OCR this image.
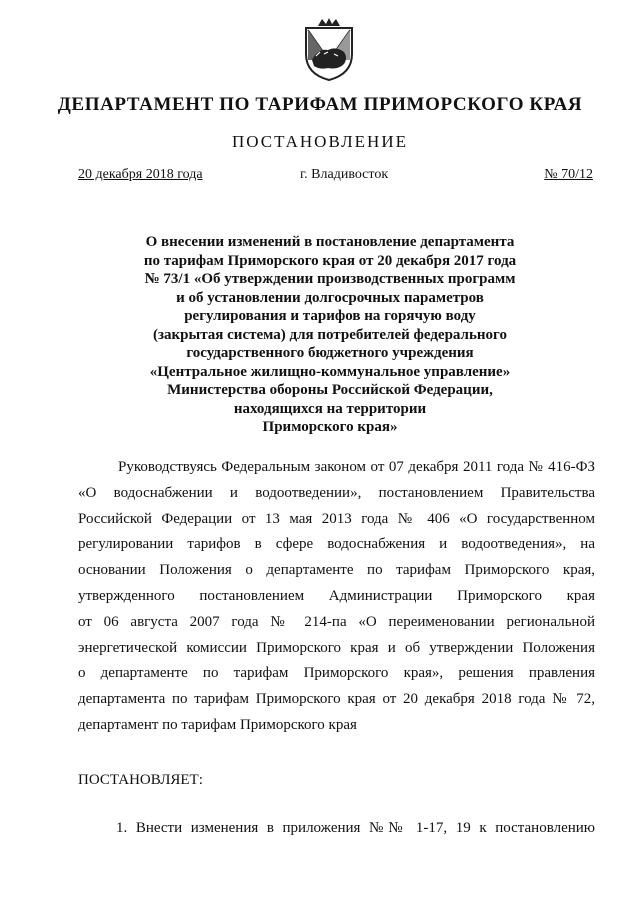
ДЕПАРТАМЕНТ ПО ТАРИФАМ ПРИМОРСКОГО КРАЯ
ПОСТАНОВЛЕНИЕ
20 декабря 2018 года	г. Владивосток	№ 70/12
О внесении изменений в постановление департамента
по тарифам Приморского края от 20 декабря 2017 года
№ 73/1 «Об утверждении производственных программ
и об установлении долгосрочных параметров
регулирования и тарифов на горячую воду
(закрытая система) для потребителей федерального
государственного бюджетного учреждения
«Центральное жилищно-коммунальное управление»
Министерства обороны Российской Федерации,
находящихся на территории
Приморского края»
Руководствуясь Федеральным законом от 07 декабря 2011 года № 416-ФЗ
«О водоснабжении и водоотведении», постановлением Правительства
Российской Федерации от 13 мая 2013 года № 406 «О государственном
регулировании тарифов в сфере водоснабжения и водоотведения», на
основании Положения о департаменте по тарифам Приморского края,
утвержденного постановлением Администрации Приморского края
от 06 августа 2007 года № 214-па «О переименовании региональной
энергетической комиссии Приморского края и об утверждении Положения
о департаменте по тарифам Приморского края», решения правления
департамента по тарифам Приморского края от 20 декабря 2018 года № 72,
департамент по тарифам Приморского края
ПОСТАНОВЛЯЕТ:
1. Внести изменения в приложения №№ 1-17, 19 к постановлению
